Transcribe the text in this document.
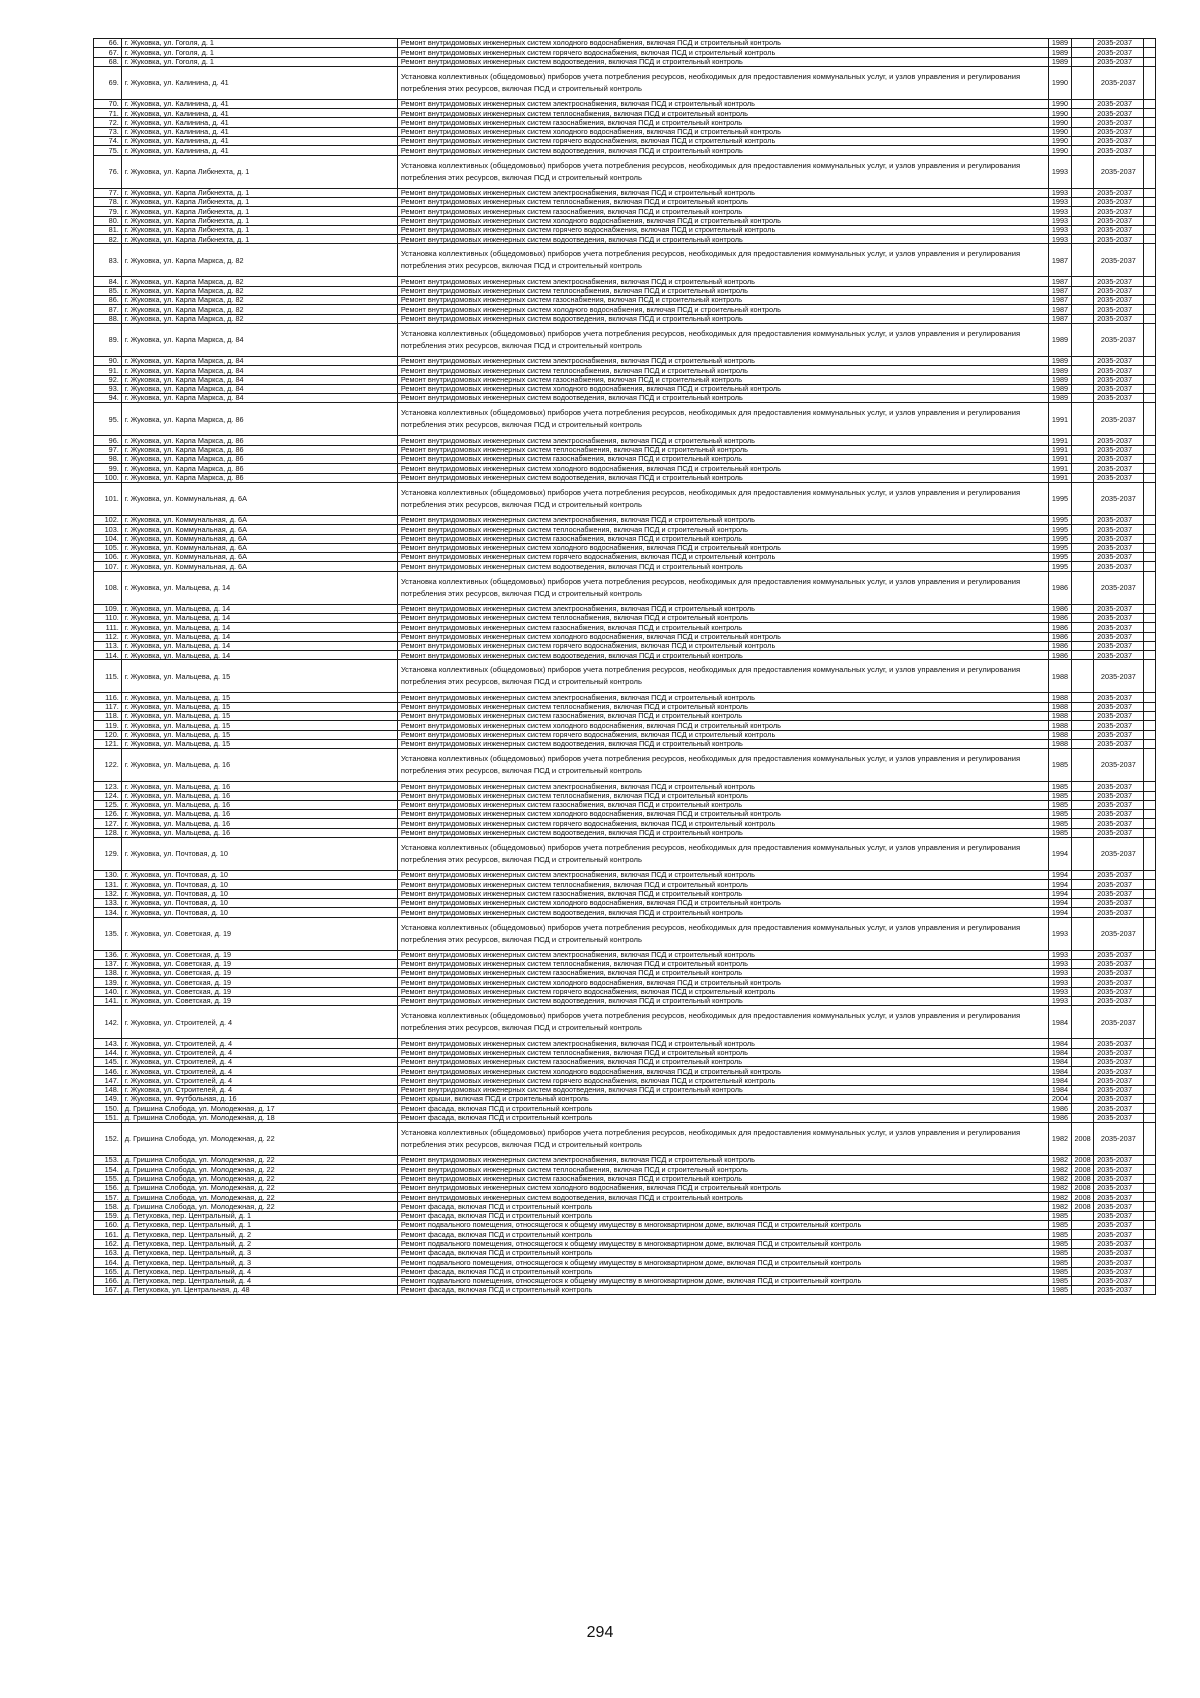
66.	г. Жуковка, ул. Гоголя, д. 1	Ремонт внутридомовых инженерных систем холодного водоснабжения, включая ПСД и строительный контроль	1989		2035-2037	
67.	г. Жуковка, ул. Гоголя, д. 1	Ремонт внутридомовых инженерных систем горячего водоснабжения, включая ПСД и строительный контроль	1989		2035-2037	
68.	г. Жуковка, ул. Гоголя, д. 1	Ремонт внутридомовых инженерных систем водоотведения, включая ПСД и строительный контроль	1989		2035-2037	
69.	г. Жуковка, ул. Калинина, д. 41	Установка коллективных (общедомовых) приборов учета потребления ресурсов, необходимых для предоставления коммунальных услуг, и узлов управления и регулирования потребления этих ресурсов, включая ПСД и строительный контроль	1990		2035-2037	
70.	г. Жуковка, ул. Калинина, д. 41	Ремонт внутридомовых инженерных систем электроснабжения, включая ПСД и строительный контроль	1990		2035-2037	
71.	г. Жуковка, ул. Калинина, д. 41	Ремонт внутридомовых инженерных систем теплоснабжения, включая ПСД и строительный контроль	1990		2035-2037	
72.	г. Жуковка, ул. Калинина, д. 41	Ремонт внутридомовых инженерных систем газоснабжения, включая ПСД и строительный контроль	1990		2035-2037	
73.	г. Жуковка, ул. Калинина, д. 41	Ремонт внутридомовых инженерных систем холодного водоснабжения, включая ПСД и строительный контроль	1990		2035-2037	
74.	г. Жуковка, ул. Калинина, д. 41	Ремонт внутридомовых инженерных систем горячего водоснабжения, включая ПСД и строительный контроль	1990		2035-2037	
75.	г. Жуковка, ул. Калинина, д. 41	Ремонт внутридомовых инженерных систем водоотведения, включая ПСД и строительный контроль	1990		2035-2037	
76.	г. Жуковка, ул. Карла Либкнехта, д. 1	Установка коллективных (общедомовых) приборов учета потребления ресурсов, необходимых для предоставления коммунальных услуг, и узлов управления и регулирования потребления этих ресурсов, включая ПСД и строительный контроль	1993		2035-2037	
77.	г. Жуковка, ул. Карла Либкнехта, д. 1	Ремонт внутридомовых инженерных систем электроснабжения, включая ПСД и строительный контроль	1993		2035-2037	
78.	г. Жуковка, ул. Карла Либкнехта, д. 1	Ремонт внутридомовых инженерных систем теплоснабжения, включая ПСД и строительный контроль	1993		2035-2037	
79.	г. Жуковка, ул. Карла Либкнехта, д. 1	Ремонт внутридомовых инженерных систем газоснабжения, включая ПСД и строительный контроль	1993		2035-2037	
80.	г. Жуковка, ул. Карла Либкнехта, д. 1	Ремонт внутридомовых инженерных систем холодного водоснабжения, включая ПСД и строительный контроль	1993		2035-2037	
81.	г. Жуковка, ул. Карла Либкнехта, д. 1	Ремонт внутридомовых инженерных систем горячего водоснабжения, включая ПСД и строительный контроль	1993		2035-2037	
82.	г. Жуковка, ул. Карла Либкнехта, д. 1	Ремонт внутридомовых инженерных систем водоотведения, включая ПСД и строительный контроль	1993		2035-2037	
83.	г. Жуковка, ул. Карла Маркса, д. 82	Установка коллективных (общедомовых) приборов учета потребления ресурсов, необходимых для предоставления коммунальных услуг, и узлов управления и регулирования потребления этих ресурсов, включая ПСД и строительный контроль	1987		2035-2037	
84.	г. Жуковка, ул. Карла Маркса, д. 82	Ремонт внутридомовых инженерных систем электроснабжения, включая ПСД и строительный контроль	1987		2035-2037	
85.	г. Жуковка, ул. Карла Маркса, д. 82	Ремонт внутридомовых инженерных систем теплоснабжения, включая ПСД и строительный контроль	1987		2035-2037	
86.	г. Жуковка, ул. Карла Маркса, д. 82	Ремонт внутридомовых инженерных систем газоснабжения, включая ПСД и строительный контроль	1987		2035-2037	
87.	г. Жуковка, ул. Карла Маркса, д. 82	Ремонт внутридомовых инженерных систем холодного водоснабжения, включая ПСД и строительный контроль	1987		2035-2037	
88.	г. Жуковка, ул. Карла Маркса, д. 82	Ремонт внутридомовых инженерных систем водоотведения, включая ПСД и строительный контроль	1987		2035-2037	
89.	г. Жуковка, ул. Карла Маркса, д. 84	Установка коллективных (общедомовых) приборов учета потребления ресурсов, необходимых для предоставления коммунальных услуг, и узлов управления и регулирования потребления этих ресурсов, включая ПСД и строительный контроль	1989		2035-2037	
90.	г. Жуковка, ул. Карла Маркса, д. 84	Ремонт внутридомовых инженерных систем электроснабжения, включая ПСД и строительный контроль	1989		2035-2037	
91.	г. Жуковка, ул. Карла Маркса, д. 84	Ремонт внутридомовых инженерных систем теплоснабжения, включая ПСД и строительный контроль	1989		2035-2037	
92.	г. Жуковка, ул. Карла Маркса, д. 84	Ремонт внутридомовых инженерных систем газоснабжения, включая ПСД и строительный контроль	1989		2035-2037	
93.	г. Жуковка, ул. Карла Маркса, д. 84	Ремонт внутридомовых инженерных систем холодного водоснабжения, включая ПСД и строительный контроль	1989		2035-2037	
94.	г. Жуковка, ул. Карла Маркса, д. 84	Ремонт внутридомовых инженерных систем водоотведения, включая ПСД и строительный контроль	1989		2035-2037	
95.	г. Жуковка, ул. Карла Маркса, д. 86	Установка коллективных (общедомовых) приборов учета потребления ресурсов, необходимых для предоставления коммунальных услуг, и узлов управления и регулирования потребления этих ресурсов, включая ПСД и строительный контроль	1991		2035-2037	
96.	г. Жуковка, ул. Карла Маркса, д. 86	Ремонт внутридомовых инженерных систем электроснабжения, включая ПСД и строительный контроль	1991		2035-2037	
97.	г. Жуковка, ул. Карла Маркса, д. 86	Ремонт внутридомовых инженерных систем теплоснабжения, включая ПСД и строительный контроль	1991		2035-2037	
98.	г. Жуковка, ул. Карла Маркса, д. 86	Ремонт внутридомовых инженерных систем газоснабжения, включая ПСД и строительный контроль	1991		2035-2037	
99.	г. Жуковка, ул. Карла Маркса, д. 86	Ремонт внутридомовых инженерных систем холодного водоснабжения, включая ПСД и строительный контроль	1991		2035-2037	
100.	г. Жуковка, ул. Карла Маркса, д. 86	Ремонт внутридомовых инженерных систем водоотведения, включая ПСД и строительный контроль	1991		2035-2037	
101.	г. Жуковка, ул. Коммунальная, д. 6А	Установка коллективных (общедомовых) приборов учета потребления ресурсов, необходимых для предоставления коммунальных услуг, и узлов управления и регулирования потребления этих ресурсов, включая ПСД и строительный контроль	1995		2035-2037	
102.	г. Жуковка, ул. Коммунальная, д. 6А	Ремонт внутридомовых инженерных систем электроснабжения, включая ПСД и строительный контроль	1995		2035-2037	
103.	г. Жуковка, ул. Коммунальная, д. 6А	Ремонт внутридомовых инженерных систем теплоснабжения, включая ПСД и строительный контроль	1995		2035-2037	
104.	г. Жуковка, ул. Коммунальная, д. 6А	Ремонт внутридомовых инженерных систем газоснабжения, включая ПСД и строительный контроль	1995		2035-2037	
105.	г. Жуковка, ул. Коммунальная, д. 6А	Ремонт внутридомовых инженерных систем холодного водоснабжения, включая ПСД и строительный контроль	1995		2035-2037	
106.	г. Жуковка, ул. Коммунальная, д. 6А	Ремонт внутридомовых инженерных систем горячего водоснабжения, включая ПСД и строительный контроль	1995		2035-2037	
107.	г. Жуковка, ул. Коммунальная, д. 6А	Ремонт внутридомовых инженерных систем водоотведения, включая ПСД и строительный контроль	1995		2035-2037	
108.	г. Жуковка, ул. Мальцева, д. 14	Установка коллективных (общедомовых) приборов учета потребления ресурсов, необходимых для предоставления коммунальных услуг, и узлов управления и регулирования потребления этих ресурсов, включая ПСД и строительный контроль	1986		2035-2037	
109.	г. Жуковка, ул. Мальцева, д. 14	Ремонт внутридомовых инженерных систем электроснабжения, включая ПСД и строительный контроль	1986		2035-2037	
110.	г. Жуковка, ул. Мальцева, д. 14	Ремонт внутридомовых инженерных систем теплоснабжения, включая ПСД и строительный контроль	1986		2035-2037	
111.	г. Жуковка, ул. Мальцева, д. 14	Ремонт внутридомовых инженерных систем газоснабжения, включая ПСД и строительный контроль	1986		2035-2037	
112.	г. Жуковка, ул. Мальцева, д. 14	Ремонт внутридомовых инженерных систем холодного водоснабжения, включая ПСД и строительный контроль	1986		2035-2037	
113.	г. Жуковка, ул. Мальцева, д. 14	Ремонт внутридомовых инженерных систем горячего водоснабжения, включая ПСД и строительный контроль	1986		2035-2037	
114.	г. Жуковка, ул. Мальцева, д. 14	Ремонт внутридомовых инженерных систем водоотведения, включая ПСД и строительный контроль	1986		2035-2037	
115.	г. Жуковка, ул. Мальцева, д. 15	Установка коллективных (общедомовых) приборов учета потребления ресурсов, необходимых для предоставления коммунальных услуг, и узлов управления и регулирования потребления этих ресурсов, включая ПСД и строительный контроль	1988		2035-2037	
116.	г. Жуковка, ул. Мальцева, д. 15	Ремонт внутридомовых инженерных систем электроснабжения, включая ПСД и строительный контроль	1988		2035-2037	
117.	г. Жуковка, ул. Мальцева, д. 15	Ремонт внутридомовых инженерных систем теплоснабжения, включая ПСД и строительный контроль	1988		2035-2037	
118.	г. Жуковка, ул. Мальцева, д. 15	Ремонт внутридомовых инженерных систем газоснабжения, включая ПСД и строительный контроль	1988		2035-2037	
119.	г. Жуковка, ул. Мальцева, д. 15	Ремонт внутридомовых инженерных систем холодного водоснабжения, включая ПСД и строительный контроль	1988		2035-2037	
120.	г. Жуковка, ул. Мальцева, д. 15	Ремонт внутридомовых инженерных систем горячего водоснабжения, включая ПСД и строительный контроль	1988		2035-2037	
121.	г. Жуковка, ул. Мальцева, д. 15	Ремонт внутридомовых инженерных систем водоотведения, включая ПСД и строительный контроль	1988		2035-2037	
122.	г. Жуковка, ул. Мальцева, д. 16	Установка коллективных (общедомовых) приборов учета потребления ресурсов, необходимых для предоставления коммунальных услуг, и узлов управления и регулирования потребления этих ресурсов, включая ПСД и строительный контроль	1985		2035-2037	
123.	г. Жуковка, ул. Мальцева, д. 16	Ремонт внутридомовых инженерных систем электроснабжения, включая ПСД и строительный контроль	1985		2035-2037	
124.	г. Жуковка, ул. Мальцева, д. 16	Ремонт внутридомовых инженерных систем теплоснабжения, включая ПСД и строительный контроль	1985		2035-2037	
125.	г. Жуковка, ул. Мальцева, д. 16	Ремонт внутридомовых инженерных систем газоснабжения, включая ПСД и строительный контроль	1985		2035-2037	
126.	г. Жуковка, ул. Мальцева, д. 16	Ремонт внутридомовых инженерных систем холодного водоснабжения, включая ПСД и строительный контроль	1985		2035-2037	
127.	г. Жуковка, ул. Мальцева, д. 16	Ремонт внутридомовых инженерных систем горячего водоснабжения, включая ПСД и строительный контроль	1985		2035-2037	
128.	г. Жуковка, ул. Мальцева, д. 16	Ремонт внутридомовых инженерных систем водоотведения, включая ПСД и строительный контроль	1985		2035-2037	
129.	г. Жуковка, ул. Почтовая, д. 10	Установка коллективных (общедомовых) приборов учета потребления ресурсов, необходимых для предоставления коммунальных услуг, и узлов управления и регулирования потребления этих ресурсов, включая ПСД и строительный контроль	1994		2035-2037	
130.	г. Жуковка, ул. Почтовая, д. 10	Ремонт внутридомовых инженерных систем электроснабжения, включая ПСД и строительный контроль	1994		2035-2037	
131.	г. Жуковка, ул. Почтовая, д. 10	Ремонт внутридомовых инженерных систем теплоснабжения, включая ПСД и строительный контроль	1994		2035-2037	
132.	г. Жуковка, ул. Почтовая, д. 10	Ремонт внутридомовых инженерных систем газоснабжения, включая ПСД и строительный контроль	1994		2035-2037	
133.	г. Жуковка, ул. Почтовая, д. 10	Ремонт внутридомовых инженерных систем холодного водоснабжения, включая ПСД и строительный контроль	1994		2035-2037	
134.	г. Жуковка, ул. Почтовая, д. 10	Ремонт внутридомовых инженерных систем водоотведения, включая ПСД и строительный контроль	1994		2035-2037	
135.	г. Жуковка, ул. Советская, д. 19	Установка коллективных (общедомовых) приборов учета потребления ресурсов, необходимых для предоставления коммунальных услуг, и узлов управления и регулирования потребления этих ресурсов, включая ПСД и строительный контроль	1993		2035-2037	
136.	г. Жуковка, ул. Советская, д. 19	Ремонт внутридомовых инженерных систем электроснабжения, включая ПСД и строительный контроль	1993		2035-2037	
137.	г. Жуковка, ул. Советская, д. 19	Ремонт внутридомовых инженерных систем теплоснабжения, включая ПСД и строительный контроль	1993		2035-2037	
138.	г. Жуковка, ул. Советская, д. 19	Ремонт внутридомовых инженерных систем газоснабжения, включая ПСД и строительный контроль	1993		2035-2037	
139.	г. Жуковка, ул. Советская, д. 19	Ремонт внутридомовых инженерных систем холодного водоснабжения, включая ПСД и строительный контроль	1993		2035-2037	
140.	г. Жуковка, ул. Советская, д. 19	Ремонт внутридомовых инженерных систем горячего водоснабжения, включая ПСД и строительный контроль	1993		2035-2037	
141.	г. Жуковка, ул. Советская, д. 19	Ремонт внутридомовых инженерных систем водоотведения, включая ПСД и строительный контроль	1993		2035-2037	
142.	г. Жуковка, ул. Строителей, д. 4	Установка коллективных (общедомовых) приборов учета потребления ресурсов, необходимых для предоставления коммунальных услуг, и узлов управления и регулирования потребления этих ресурсов, включая ПСД и строительный контроль	1984		2035-2037	
143.	г. Жуковка, ул. Строителей, д. 4	Ремонт внутридомовых инженерных систем электроснабжения, включая ПСД и строительный контроль	1984		2035-2037	
144.	г. Жуковка, ул. Строителей, д. 4	Ремонт внутридомовых инженерных систем теплоснабжения, включая ПСД и строительный контроль	1984		2035-2037	
145.	г. Жуковка, ул. Строителей, д. 4	Ремонт внутридомовых инженерных систем газоснабжения, включая ПСД и строительный контроль	1984		2035-2037	
146.	г. Жуковка, ул. Строителей, д. 4	Ремонт внутридомовых инженерных систем холодного водоснабжения, включая ПСД и строительный контроль	1984		2035-2037	
147.	г. Жуковка, ул. Строителей, д. 4	Ремонт внутридомовых инженерных систем горячего водоснабжения, включая ПСД и строительный контроль	1984		2035-2037	
148.	г. Жуковка, ул. Строителей, д. 4	Ремонт внутридомовых инженерных систем водоотведения, включая ПСД и строительный контроль	1984		2035-2037	
149.	г. Жуковка, ул. Футбольная, д. 16	Ремонт крыши, включая ПСД и строительный контроль	2004		2035-2037	
150.	д. Гришина Слобода, ул. Молодежная, д. 17	Ремонт фасада, включая ПСД и строительный контроль	1986		2035-2037	
151.	д. Гришина Слобода, ул. Молодежная, д. 18	Ремонт фасада, включая ПСД и строительный контроль	1986		2035-2037	
152.	д. Гришина Слобода, ул. Молодежная, д. 22	Установка коллективных (общедомовых) приборов учета потребления ресурсов, необходимых для предоставления коммунальных услуг, и узлов управления и регулирования потребления этих ресурсов, включая ПСД и строительный контроль	1982	2008	2035-2037	
153.	д. Гришина Слобода, ул. Молодежная, д. 22	Ремонт внутридомовых инженерных систем электроснабжения, включая ПСД и строительный контроль	1982	2008	2035-2037	
154.	д. Гришина Слобода, ул. Молодежная, д. 22	Ремонт внутридомовых инженерных систем теплоснабжения, включая ПСД и строительный контроль	1982	2008	2035-2037	
155.	д. Гришина Слобода, ул. Молодежная, д. 22	Ремонт внутридомовых инженерных систем газоснабжения, включая ПСД и строительный контроль	1982	2008	2035-2037	
156.	д. Гришина Слобода, ул. Молодежная, д. 22	Ремонт внутридомовых инженерных систем холодного водоснабжения, включая ПСД и строительный контроль	1982	2008	2035-2037	
157.	д. Гришина Слобода, ул. Молодежная, д. 22	Ремонт внутридомовых инженерных систем водоотведения, включая ПСД и строительный контроль	1982	2008	2035-2037	
158.	д. Гришина Слобода, ул. Молодежная, д. 22	Ремонт фасада, включая ПСД и строительный контроль	1982	2008	2035-2037	
159.	д. Петуховка, пер. Центральный, д. 1	Ремонт фасада, включая ПСД и строительный контроль	1985		2035-2037	
160.	д. Петуховка, пер. Центральный, д. 1	Ремонт подвального помещения, относящегося к общему имуществу в многоквартирном доме, включая ПСД и строительный контроль	1985		2035-2037	
161.	д. Петуховка, пер. Центральный, д. 2	Ремонт фасада, включая ПСД и строительный контроль	1985		2035-2037	
162.	д. Петуховка, пер. Центральный, д. 2	Ремонт подвального помещения, относящегося к общему имуществу в многоквартирном доме, включая ПСД и строительный контроль	1985		2035-2037	
163.	д. Петуховка, пер. Центральный, д. 3	Ремонт фасада, включая ПСД и строительный контроль	1985		2035-2037	
164.	д. Петуховка, пер. Центральный, д. 3	Ремонт подвального помещения, относящегося к общему имуществу в многоквартирном доме, включая ПСД и строительный контроль	1985		2035-2037	
165.	д. Петуховка, пер. Центральный, д. 4	Ремонт фасада, включая ПСД и строительный контроль	1985		2035-2037	
166.	д. Петуховка, пер. Центральный, д. 4	Ремонт подвального помещения, относящегося к общему имуществу в многоквартирном доме, включая ПСД и строительный контроль	1985		2035-2037	
167.	д. Петуховка, ул. Центральная, д. 48	Ремонт фасада, включая ПСД и строительный контроль	1985		2035-2037	
294
